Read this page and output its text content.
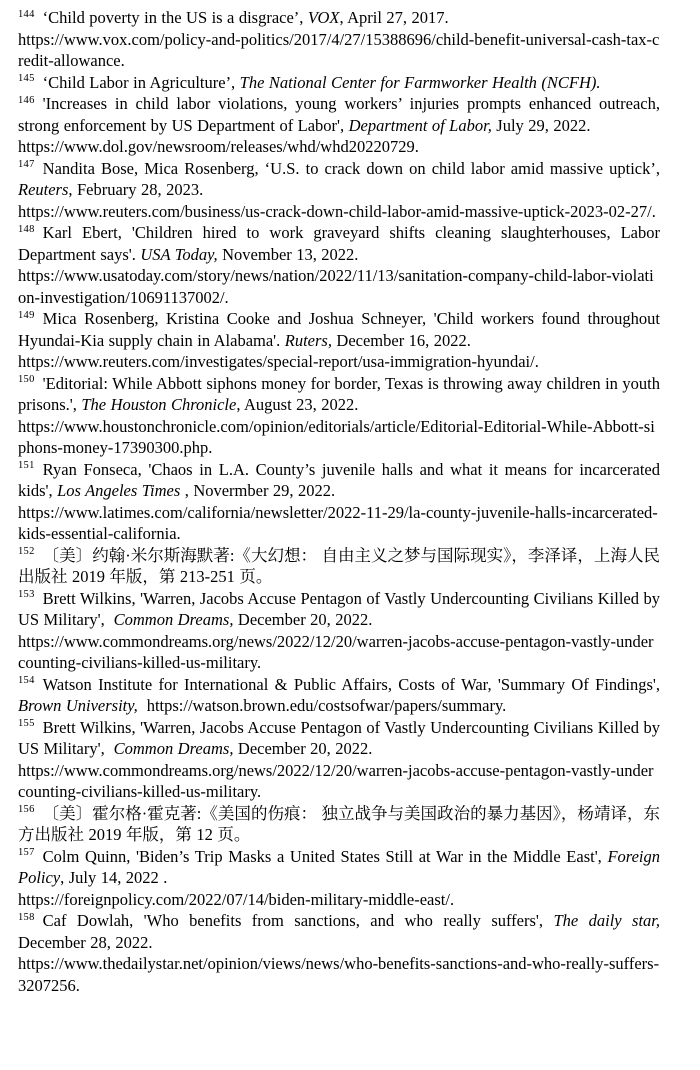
$^{144}$ ‘Child poverty in the US is a disgrace’, VOX, April 27, 2017.
https://www.vox.com/policy-and-politics/2017/4/27/15388696/child-benefit-universal-cash-tax-credit-allowance.
$^{145}$ ‘Child Labor in Agriculture’, The National Center for Farmworker Health (NCFH).
$^{146}$ 'Increases in child labor violations, young workers’ injuries prompts enhanced outreach, strong enforcement by US Department of Labor', Department of Labor, July 29, 2022.
https://www.dol.gov/newsroom/releases/whd/whd20220729.
$^{147}$ Nandita Bose, Mica Rosenberg, ‘U.S. to crack down on child labor amid massive uptick’, Reuters, February 28, 2023.
https://www.reuters.com/business/us-crack-down-child-labor-amid-massive-uptick-2023-02-27/.
$^{148}$ Karl Ebert, 'Children hired to work graveyard shifts cleaning slaughterhouses, Labor Department says'. USA Today, November 13, 2022.
https://www.usatoday.com/story/news/nation/2022/11/13/sanitation-company-child-labor-violation-investigation/10691137002/.
$^{149}$ Mica Rosenberg, Kristina Cooke and Joshua Schneyer, 'Child workers found throughout Hyundai-Kia supply chain in Alabama'. Ruters, December 16, 2022.
https://www.reuters.com/investigates/special-report/usa-immigration-hyundai/.
$^{150}$ 'Editorial: While Abbott siphons money for border, Texas is throwing away children in youth prisons.', The Houston Chronicle, August 23, 2022.
https://www.houstonchronicle.com/opinion/editorials/article/Editorial-Editorial-While-Abbott-siphons-money-17390300.php.
$^{151}$ Ryan Fonseca, 'Chaos in L.A. County’s juvenile halls and what it means for incarcerated kids', Los Angeles Times , Novermber 29, 2022.
https://www.latimes.com/california/newsletter/2022-11-29/la-county-juvenile-halls-incarcerated-kids-essential-california.
$^{152}$ 〔美〕约翰·米尔斯海默著:《大幻想： 自由主义之梦与国际现实》，李泽译，上海人民出版社 2019 年版，第 213-251 页。
$^{153}$ Brett Wilkins, 'Warren, Jacobs Accuse Pentagon of Vastly Undercounting Civilians Killed by US Military',  Common Dreams, December 20, 2022.
https://www.commondreams.org/news/2022/12/20/warren-jacobs-accuse-pentagon-vastly-undercounting-civilians-killed-us-military.
$^{154}$ Watson Institute for International & Public Affairs, Costs of War, 'Summary Of Findings', Brown University,  https://watson.brown.edu/costsofwar/papers/summary.
$^{155}$ Brett Wilkins, 'Warren, Jacobs Accuse Pentagon of Vastly Undercounting Civilians Killed by US Military',  Common Dreams, December 20, 2022.
https://www.commondreams.org/news/2022/12/20/warren-jacobs-accuse-pentagon-vastly-undercounting-civilians-killed-us-military.
$^{156}$ 〔美〕霍尔格·霍克著:《美国的伤痕： 独立战争与美国政治的暴力基因》，杨靖译，东方出版社 2019 年版，第 12 页。
$^{157}$ Colm Quinn, 'Biden’s Trip Masks a United States Still at War in the Middle East', Foreign Policy, July 14, 2022 .
https://foreignpolicy.com/2022/07/14/biden-military-middle-east/.
$^{158}$ Caf Dowlah, 'Who benefits from sanctions, and who really suffers', The daily star, December 28, 2022.
https://www.thedailystar.net/opinion/views/news/who-benefits-sanctions-and-who-really-suffers-3207256.
